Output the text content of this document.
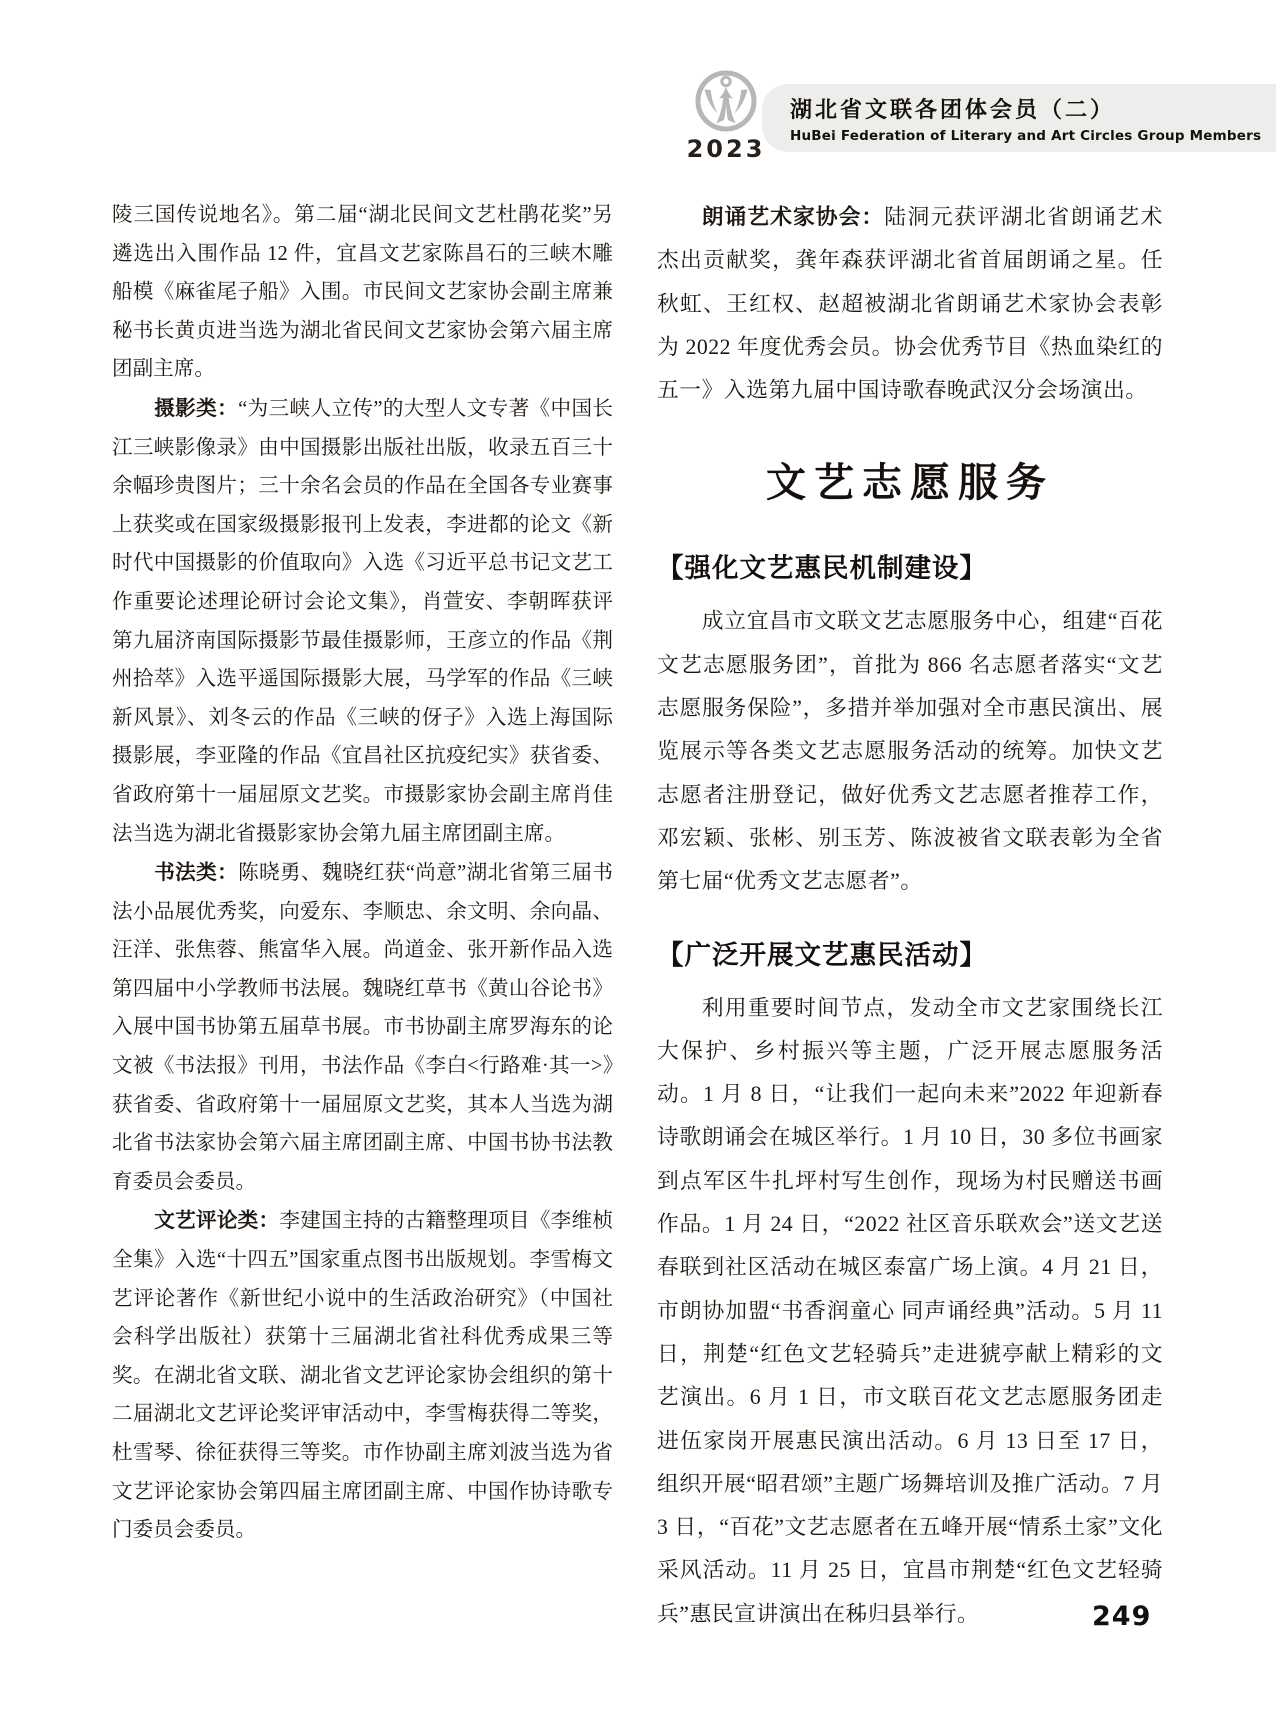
2023
湖北省文联各团体会员（二）
HuBei Federation of Literary and Art Circles Group Members

陵三国传说地名》。第二届“湖北民间文艺杜鹃花奖”另遴选出入围作品 12 件，宜昌文艺家陈昌石的三峡木雕船模《麻雀尾子船》入围。市民间文艺家协会副主席兼秘书长黄贞进当选为湖北省民间文艺家协会第六届主席团副主席。

摄影类：“为三峡人立传”的大型人文专著《中国长江三峡影像录》由中国摄影出版社出版，收录五百三十余幅珍贵图片；三十余名会员的作品在全国各专业赛事上获奖或在国家级摄影报刊上发表，李进都的论文《新时代中国摄影的价值取向》入选《习近平总书记文艺工作重要论述理论研讨会论文集》，肖萱安、李朝晖获评第九届济南国际摄影节最佳摄影师，王彦立的作品《荆州拾萃》入选平遥国际摄影大展，马学军的作品《三峡新风景》、刘冬云的作品《三峡的伢子》入选上海国际摄影展，李亚隆的作品《宜昌社区抗疫纪实》获省委、省政府第十一届屈原文艺奖。市摄影家协会副主席肖佳法当选为湖北省摄影家协会第九届主席团副主席。

书法类：陈晓勇、魏晓红获“尚意”湖北省第三届书法小品展优秀奖，向爱东、李顺忠、余文明、余向晶、汪洋、张焦蓉、熊富华入展。尚道金、张开新作品入选第四届中小学教师书法展。魏晓红草书《黄山谷论书》入展中国书协第五届草书展。市书协副主席罗海东的论文被《书法报》刊用，书法作品《李白<行路难·其一>》获省委、省政府第十一届屈原文艺奖，其本人当选为湖北省书法家协会第六届主席团副主席、中国书协书法教育委员会委员。

文艺评论类：李建国主持的古籍整理项目《李维桢全集》入选“十四五”国家重点图书出版规划。李雪梅文艺评论著作《新世纪小说中的生活政治研究》（中国社会科学出版社）获第十三届湖北省社科优秀成果三等奖。在湖北省文联、湖北省文艺评论家协会组织的第十二届湖北文艺评论奖评审活动中，李雪梅获得二等奖，杜雪琴、徐征获得三等奖。市作协副主席刘波当选为省文艺评论家协会第四届主席团副主席、中国作协诗歌专门委员会委员。

朗诵艺术家协会：陆洞元获评湖北省朗诵艺术杰出贡献奖，龚年森获评湖北省首届朗诵之星。任秋虹、王红权、赵超被湖北省朗诵艺术家协会表彰为 2022 年度优秀会员。协会优秀节目《热血染红的五一》入选第九届中国诗歌春晚武汉分会场演出。

文艺志愿服务
【强化文艺惠民机制建设】

成立宜昌市文联文艺志愿服务中心，组建“百花文艺志愿服务团”，首批为 866 名志愿者落实“文艺志愿服务保险”，多措并举加强对全市惠民演出、展览展示等各类文艺志愿服务活动的统筹。加快文艺志愿者注册登记，做好优秀文艺志愿者推荐工作，邓宏颖、张彬、别玉芳、陈波被省文联表彰为全省第七届“优秀文艺志愿者”。

【广泛开展文艺惠民活动】

利用重要时间节点，发动全市文艺家围绕长江大保护、乡村振兴等主题，广泛开展志愿服务活动。1 月 8 日，“让我们一起向未来”2022 年迎新春诗歌朗诵会在城区举行。1 月 10 日，30 多位书画家到点军区牛扎坪村写生创作，现场为村民赠送书画作品。1 月 24 日，“2022 社区音乐联欢会”送文艺送春联到社区活动在城区泰富广场上演。4 月 21 日，市朗协加盟“书香润童心 同声诵经典”活动。5 月 11 日，荆楚“红色文艺轻骑兵”走进猇亭献上精彩的文艺演出。6 月 1 日，市文联百花文艺志愿服务团走进伍家岗开展惠民演出活动。6 月 13 日至 17 日，组织开展“昭君颂”主题广场舞培训及推广活动。7 月 3 日，“百花”文艺志愿者在五峰开展“情系土家”文化采风活动。11 月 25 日，宜昌市荆楚“红色文艺轻骑兵”惠民宣讲演出在秭归县举行。	249
